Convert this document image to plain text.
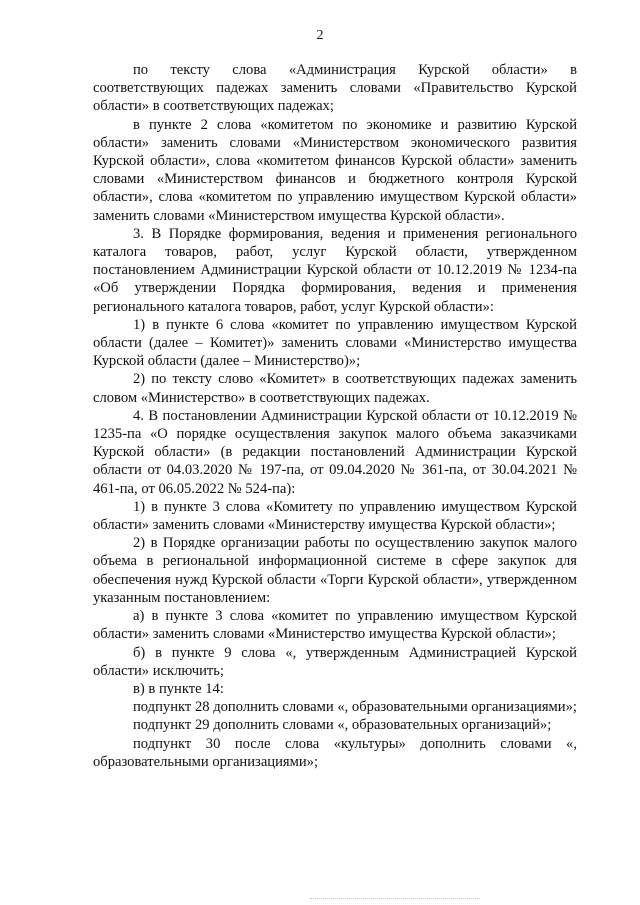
2

по тексту слова «Администрация Курской области» в соответствующих падежах заменить словами «Правительство Курской области» в соответствующих падежах;

в пункте 2 слова «комитетом по экономике и развитию Курской области» заменить словами «Министерством экономического развития Курской области», слова «комитетом финансов Курской области» заменить словами «Министерством финансов и бюджетного контроля Курской области», слова «комитетом по управлению имуществом Курской области» заменить словами «Министерством имущества Курской области».

3. В Порядке формирования, ведения и применения регионального каталога товаров, работ, услуг Курской области, утвержденном постановлением Администрации Курской области от 10.12.2019 № 1234-па «Об утверждении Порядка формирования, ведения и применения регионального каталога товаров, работ, услуг Курской области»:

1) в пункте 6 слова «комитет по управлению имуществом Курской области (далее – Комитет)» заменить словами «Министерство имущества Курской области (далее – Министерство)»;

2) по тексту слово «Комитет» в соответствующих падежах заменить словом «Министерство» в соответствующих падежах.

4. В постановлении Администрации Курской области от 10.12.2019 № 1235-па «О порядке осуществления закупок малого объема заказчиками Курской области» (в редакции постановлений Администрации Курской области от 04.03.2020 № 197-па, от 09.04.2020 № 361-па, от 30.04.2021 № 461-па, от 06.05.2022 № 524-па):

1) в пункте 3 слова «Комитету по управлению имуществом Курской области» заменить словами «Министерству имущества Курской области»;

2) в Порядке организации работы по осуществлению закупок малого объема в региональной информационной системе в сфере закупок для обеспечения нужд Курской области «Торги Курской области», утвержденном указанным постановлением:

а) в пункте 3 слова «комитет по управлению имуществом Курской области» заменить словами «Министерство имущества Курской области»;

б) в пункте 9 слова «, утвержденным Администрацией Курской области» исключить;

в) в пункте 14:

подпункт 28 дополнить словами «, образовательными организациями»;

подпункт 29 дополнить словами «, образовательных организаций»;

подпункт 30 после слова «культуры» дополнить словами «, образовательными организациями»;
